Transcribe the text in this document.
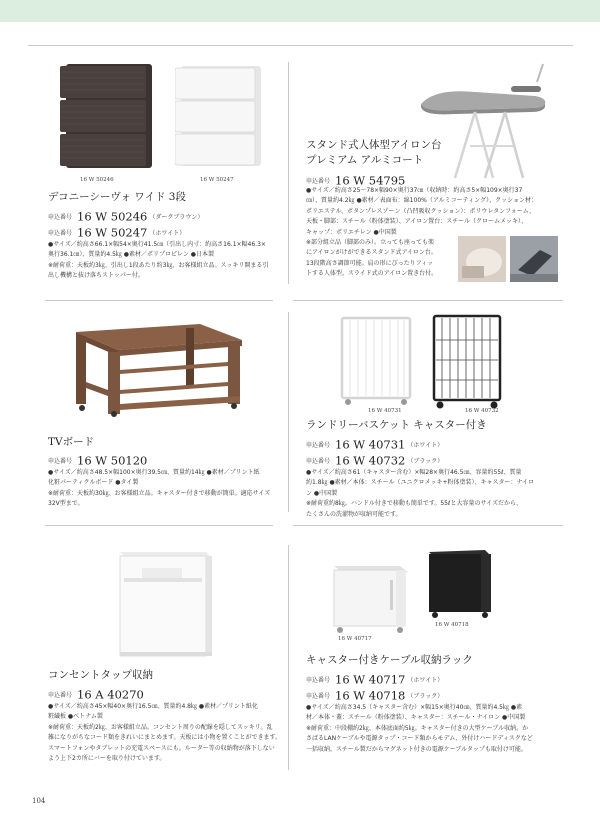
16 W 50246	16 W 50247
デコニーシーヴォ ワイド 3段
申込番号 16 W 50246 （ダークブラウン）
申込番号 16 W 50247 （ホワイト）
●サイズ／約高さ66.1×幅54×奥行41.5㎝（引出し内寸：約高さ16.1×幅46.3×
奥行36.1㎝）、質量約4.5㎏ ●素材／ポリプロピレン ●日本製
※耐荷重：天板約3㎏、引出し1段あたり約3㎏、お客様組立品。スッキリ開まる引
出し機構と抜け落ちストッパー付。
スタンド式人体型アイロン台
プレミアム アルミコート
申込番号 16 W 54795
●サイズ／約高さ25～78×幅90×奥行37㎝（収納時：約高さ5×幅109×奥行37
㎝）、質量約4.2㎏ ●素材／表面布：綿100%（アルミコーティング）、クッション材：
ポリエステル、ボタンプレスゾーン（凸凹吸収クッション）：ポリウレタンフォーム、
天板・脚部：スチール（粉体塗装）、アイロン置台：スチール（クロームメッキ）、
キャップ：ポリエチレン ●中国製
※部分組立品（脚部のみ）。立っても座っても楽
にアイロンがけができるスタンド式アイロン台。
13段階高さ調節可能。肩の形にぴったりフィッ
トする人体型。スライド式のアイロン置き台付。
TVボード
申込番号 16 W 50120
●サイズ／約高さ48.5×幅100×奥行39.5㎝、質量約14㎏ ●素材／プリント紙
化粧パーティクルボード ●タイ製
※耐荷重：天板約30㎏、お客様組立品。キャスター付きで移動が簡単。適応サイズ
32V型まで。
16 W 40731	16 W 40732
ランドリーバスケット キャスター付き
申込番号 16 W 40731 （ホワイト）
申込番号 16 W 40732 （ブラック）
●サイズ／約高さ61（キャスター含む）×幅28×奥行46.5㎝、容量約55ℓ、質量
約1.8㎏ ●素材／本体：スチール（ユニクロメッキ+粉体塗装）、キャスター：ナイロ
ン ●中国製
※耐荷重約8㎏。ハンドル付きで移動も簡単です。55ℓと大容量のサイズだから、
たくさんの洗濯物が収納可能です。
コンセントタップ収納
申込番号 16 A 40270
●サイズ／約高さ45×幅40×奥行16.5㎝、質量約4.8㎏ ●素材／プリント紙化
粧繊板 ●ベトナム製
※耐荷重：天板約2㎏、お客様組立品。コンセント周りの配線を隠してスッキリ。乱
雑になりがちなコード類をきれいにまとめます。天板には小物を置くことができます。
スマートフォンやタブレットの充電スペースにも。ルーター等の収納物が落下しない
よう上下2カ所にバーを取り付けています。
16 W 40717
16 W 40718
キャスター付きケーブル収納ラック
申込番号 16 W 40717 （ホワイト）
申込番号 16 W 40718 （ブラック）
●サイズ／約高さ34.5（キャスター含む）×幅15×奥行40㎝、質量約4.5㎏ ●素
材／本体・蓋：スチール（粉体塗装）、キャスター：スチール・ナイロン ●中国製
※耐荷重：中段棚約2㎏、本体底面約5㎏。キャスター付きの大型ケーブル収納。か
さばるLANケーブルや電源タップ・コード類からモデム、外付けハードディスクなど
一括収納。スチール製だからマグネット付きの電源ケーブルタップも取付け可能。
104
